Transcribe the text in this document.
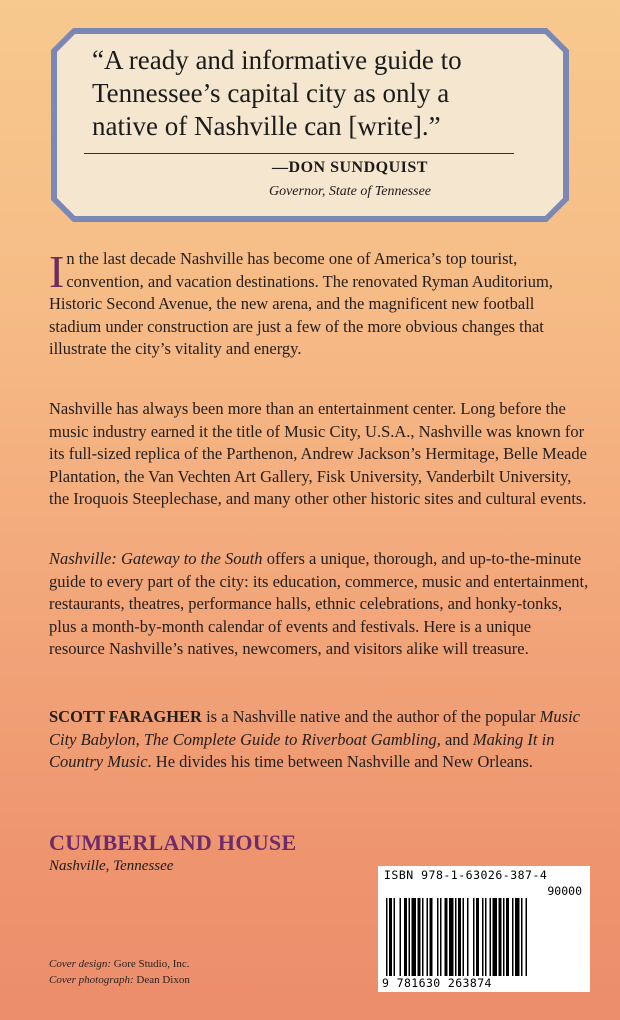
“A ready and informative guide to
Tennessee’s capital city as only a
native of Nashville can [write].”

—DON SUNDQUIST
Governor, State of Tennessee

In the last decade Nashville has become one of America’s top tourist, convention, and vacation destinations. The renovated Ryman Auditorium, Historic Second Avenue, the new arena, and the magnificent new football stadium under construction are just a few of the more obvious changes that illustrate the city’s vitality and energy.

Nashville has always been more than an entertainment center. Long before the music industry earned it the title of Music City, U.S.A., Nashville was known for its full-sized replica of the Parthenon, Andrew Jackson’s Hermitage, Belle Meade Plantation, the Van Vechten Art Gallery, Fisk University, Vanderbilt University, the Iroquois Steeplechase, and many other other historic sites and cultural events.

Nashville: Gateway to the South offers a unique, thorough, and up-to-the-minute guide to every part of the city: its education, commerce, music and entertainment, restaurants, theatres, performance halls, ethnic celebrations, and honky-tonks, plus a month-by-month calendar of events and festivals. Here is a unique resource Nashville’s natives, newcomers, and visitors alike will treasure.

SCOTT FARAGHER is a Nashville native and the author of the popular Music City Babylon, The Complete Guide to Riverboat Gambling, and Making It in Country Music. He divides his time between Nashville and New Orleans.

CUMBERLAND HOUSE
Nashville, Tennessee
Cover design: Gore Studio, Inc.
Cover photograph: Dean Dixon
ISBN 978-1-63026-387-4
90000
9 781630 263874
